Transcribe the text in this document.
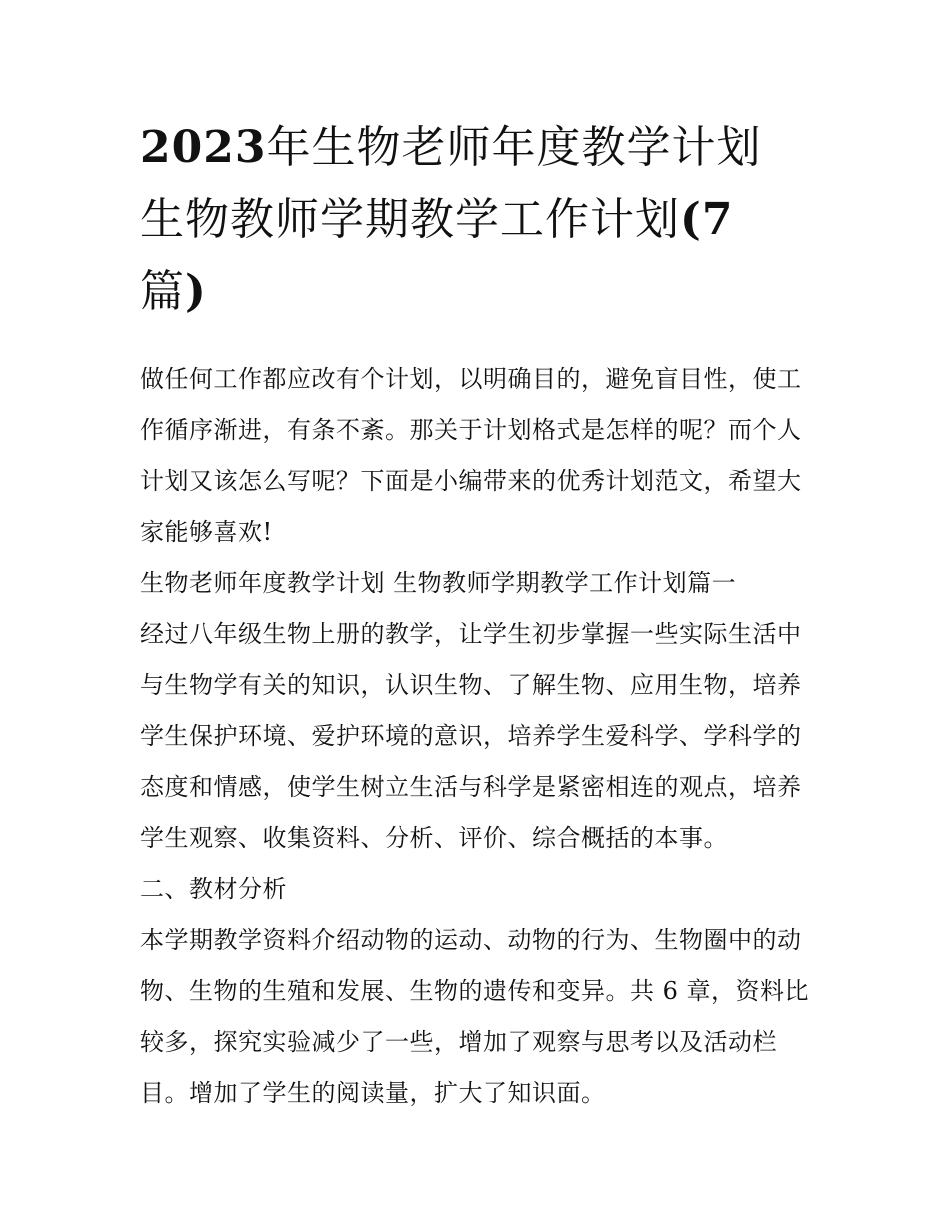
2023年生物老师年度教学计划
生物教师学期教学工作计划(7
篇)
做任何工作都应改有个计划，以明确目的，避免盲目性，使工
作循序渐进，有条不紊。那关于计划格式是怎样的呢？而个人
计划又该怎么写呢？下面是小编带来的优秀计划范文，希望大
家能够喜欢!
生物老师年度教学计划 生物教师学期教学工作计划篇一
经过八年级生物上册的教学，让学生初步掌握一些实际生活中
与生物学有关的知识，认识生物、了解生物、应用生物，培养
学生保护环境、爱护环境的意识，培养学生爱科学、学科学的
态度和情感，使学生树立生活与科学是紧密相连的观点，培养
学生观察、收集资料、分析、评价、综合概括的本事。
二、教材分析
本学期教学资料介绍动物的运动、动物的行为、生物圈中的动
物、生物的生殖和发展、生物的遗传和变异。共 6 章，资料比
较多，探究实验减少了一些，增加了观察与思考以及活动栏
目。增加了学生的阅读量，扩大了知识面。
